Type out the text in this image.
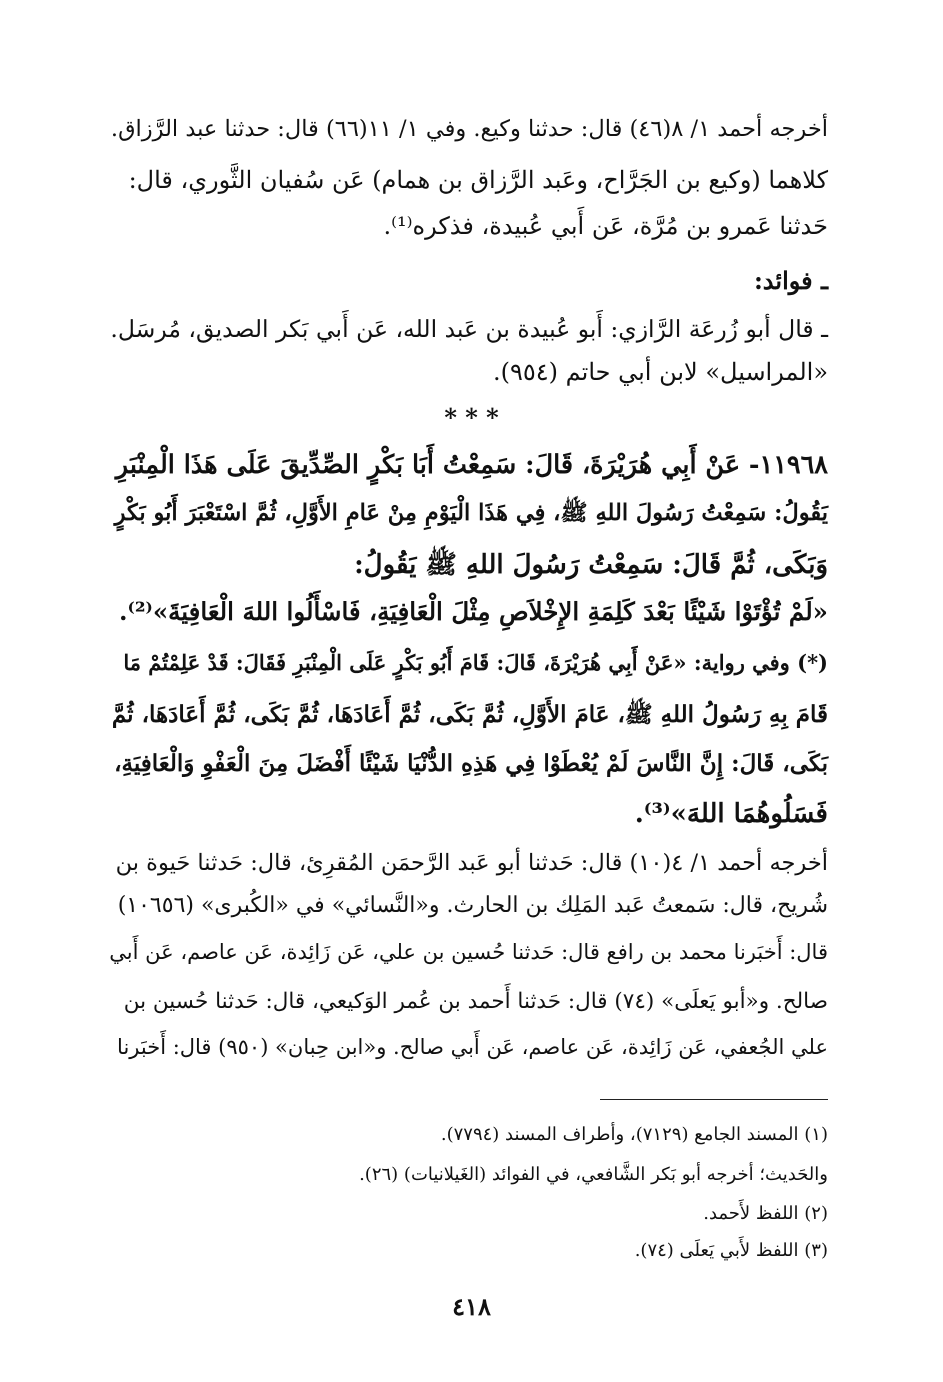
أخرجه أحمد ١/ ٨(٤٦) قال: حدثنا وكيع. وفي ١/ ١١(٦٦) قال: حدثنا عبد الرَّزاق.
كلاهما (وكيع بن الجَرَّاح، وعَبد الرَّزاق بن همام) عَن سُفيان الثَّوري، قال:
حَدثنا عَمرو بن مُرَّة، عَن أَبي عُبيدة، فذكره⁽¹⁾.
ـ فوائد:
ـ قال أبو زُرعَة الرَّازي: أَبو عُبيدة بن عَبد الله، عَن أَبي بَكر الصديق، مُرسَل.
«المراسيل» لابن أبي حاتم (٩٥٤).
* * *
١١٩٦٨- عَنْ أَبِي هُرَيْرَةَ، قَالَ: سَمِعْتُ أَبَا بَكْرٍ الصِّدِّيقَ عَلَى هَذَا الْمِنْبَرِ
يَقُولُ: سَمِعْتُ رَسُولَ اللهِ ﷺ، فِي هَذَا الْيَوْمِ مِنْ عَامِ الأَوَّلِ، ثُمَّ اسْتَعْبَرَ أَبُو بَكْرٍ
وَبَكَى، ثُمَّ قَالَ: سَمِعْتُ رَسُولَ اللهِ ﷺ يَقُولُ:
«لَمْ تُؤْتَوْا شَيْئًا بَعْدَ كَلِمَةِ الإِخْلاَصِ مِثْلَ الْعَافِيَةِ، فَاسْأَلُوا اللهَ الْعَافِيَةَ»⁽²⁾.
(*) وفي رواية: «عَنْ أَبِي هُرَيْرَةَ، قَالَ: قَامَ أَبُو بَكْرٍ عَلَى الْمِنْبَرِ فَقَالَ: قَدْ عَلِمْتُمْ مَا
قَامَ بِهِ رَسُولُ اللهِ ﷺ، عَامَ الأَوَّلِ، ثُمَّ بَكَى، ثُمَّ أَعَادَهَا، ثُمَّ بَكَى، ثُمَّ أَعَادَهَا، ثُمَّ
بَكَى، قَالَ: إِنَّ النَّاسَ لَمْ يُعْطَوْا فِي هَذِهِ الدُّنْيَا شَيْئًا أَفْضَلَ مِنَ الْعَفْوِ وَالْعَافِيَةِ،
فَسَلُوهُمَا اللهَ»⁽³⁾.
أخرجه أحمد ١/ ٤(١٠) قال: حَدثنا أبو عَبد الرَّحمَن المُقرِئ، قال: حَدثنا حَيوة بن
شُريح، قال: سَمعتُ عَبد المَلِك بن الحارث. و«النَّسائي» في «الكُبرى» (١٠٦٥٦)
قال: أَخبَرنا محمد بن رافع قال: حَدثنا حُسين بن علي، عَن زَائِدة، عَن عاصم، عَن أَبي
صالح. و«أبو يَعلَى» (٧٤) قال: حَدثنا أَحمد بن عُمر الوَكيعي، قال: حَدثنا حُسين بن
علي الجُعفي، عَن زَائِدة، عَن عاصم، عَن أَبي صالح. و«ابن حِبان» (٩٥٠) قال: أَخبَرنا
(١) المسند الجامع (٧١٢٩)، وأطراف المسند (٧٧٩٤).
والحَديث؛ أخرجه أبو بَكر الشَّافعي، في الفوائد (الغَيلانيات) (٢٦).
(٢) اللفظ لأَحمد.
(٣) اللفظ لأَبي يَعلَى (٧٤).
٤١٨
